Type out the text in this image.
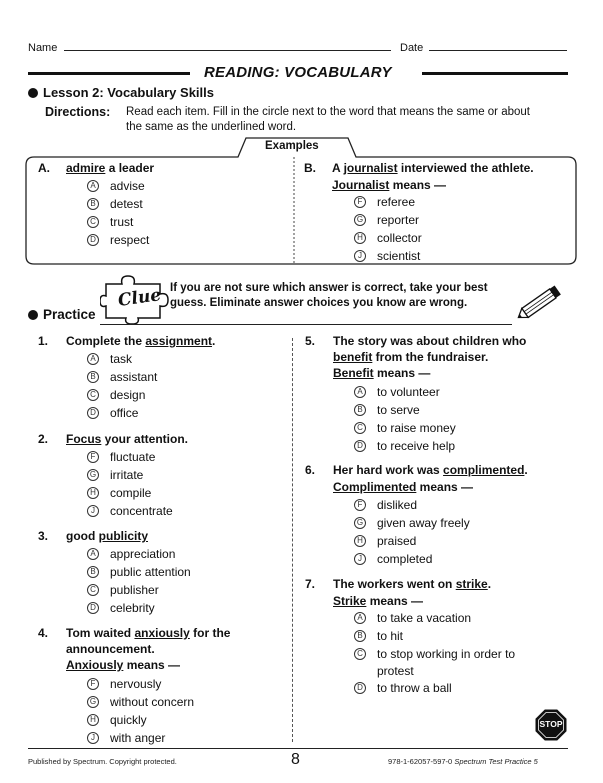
Name	Date
READING: VOCABULARY
Lesson 2: Vocabulary Skills
Directions: Read each item. Fill in the circle next to the word that means the same or about
the same as the underlined word.
Examples
A. admire a leader
A advise
B detest
C trust
D respect
B. A journalist interviewed the athlete.
Journalist means —
F referee
G reporter
H collector
J	scientist
Clue If you are not sure which answer is correct, take your best
guess. Eliminate answer choices you know are wrong.
Practice
1. Complete the assignment.
A task
B assistant
C design
D office
2. Focus your attention.
F fluctuate
G irritate
H compile
J	concentrate
3. good publicity
A appreciation
B public attention
C publisher
D celebrity
4. Tom waited anxiously for the
announcement.
Anxiously means —
F nervously
G without concern
H quickly
J	with anger
5. The story was about children who
benefit from the fundraiser.
Benefit means —
A to volunteer
B to serve
C to raise money
D to receive help
6. Her hard work was complimented.
Complimented means —
F disliked
G given away freely
H praised
J	completed
7. The workers went on strike.
Strike means —
A to take a vacation
B to hit
C to stop working in order to
protest
D to throw a ball
STOP
Published by Spectrum. Copyright protected.	8	978-1-62057-597-0 Spectrum Test Practice 5
